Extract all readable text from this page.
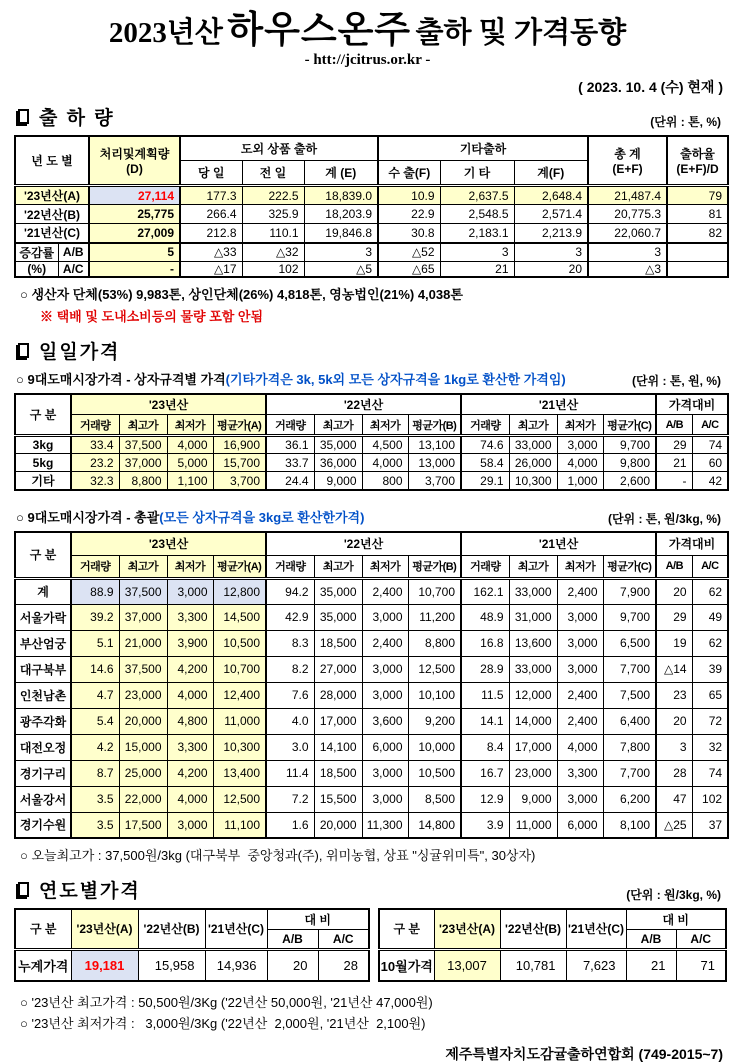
2023년산 하우스온주 출하 및 가격동향
- htt://jcitrus.or.kr -
( 2023. 10. 4 (수) 현재 )
출 하 량	(단위 : 톤, %)
년 도 별	처리및계획량
(D)
	도외 상품 출하	기타출하	총 계
(E+F)

출하율
(E+F)/D

			당 일	전 일	계 (E)	수 출(F)	기 타	계(F)		
'23년산(A)		27,114	177.3	222.5	18,839.0	10.9	2,637.5	2,648.4	21,487.4	79
'22년산(B)		25,775	266.4	325.9	18,203.9	22.9	2,548.5	2,571.4	20,775.3	81
'21년산(C)		27,009	212.8	110.1	19,846.8	30.8	2,183.1	2,213.9	22,060.7	82
증감률	A/B	5	△33	△32	3	△52	3	3	3	
(%)	A/C	-	△17	102	△5	△65	21	20	△3	
○ 생산자 단체(53%) 9,983톤, 상인단체(26%) 4,818톤, 영농법인(21%) 4,038톤
※ 택배 및 도내소비등의 물량 포함 안됨
일일가격
○ 9대도매시장가격 - 상자규격별 가격(기타가격은 3k, 5k외 모든 상자규격을 1kg로 환산한 가격임)	(단위 : 톤, 원, %)
구 분	'23년산				'22년산				'21년산				가격대비	
	거래량	최고가	최저가	평균가(A)	거래량	최고가	최저가	평균가(B)	거래량	최고가	최저가	평균가(C)	A/B	A/C
3kg	33.4	37,500	4,000	16,900	36.1	35,000	4,500	13,100	74.6	33,000	3,000	9,700	29	74
5kg	23.2	37,000	5,000	15,700	33.7	36,000	4,000	13,000	58.4	26,000	4,000	9,800	21	60
기타	32.3	8,800	1,100	3,700	24.4	9,000	800	3,700	29.1	10,300	1,000	2,600	-	42
○ 9대도매시장가격 - 총괄(모든 상자규격을 3kg로 환산한가격)	(단위 : 톤, 원/3kg, %)
구 분	'23년산				'22년산				'21년산				가격대비	
	거래량	최고가	최저가	평균가(A)	거래량	최고가	최저가	평균가(B)	거래량	최고가	최저가	평균가(C)	A/B	A/C
계	88.9	37,500	3,000	12,800	94.2	35,000	2,400	10,700	162.1	33,000	2,400	7,900	20	62
서울가락	39.2	37,000	3,300	14,500	42.9	35,000	3,000	11,200	48.9	31,000	3,000	9,700	29	49
부산엄궁	5.1	21,000	3,900	10,500	8.3	18,500	2,400	8,800	16.8	13,600	3,000	6,500	19	62
대구북부	14.6	37,500	4,200	10,700	8.2	27,000	3,000	12,500	28.9	33,000	3,000	7,700	△14	39
인천남촌	4.7	23,000	4,000	12,400	7.6	28,000	3,000	10,100	11.5	12,000	2,400	7,500	23	65
광주각화	5.4	20,000	4,800	11,000	4.0	17,000	3,600	9,200	14.1	14,000	2,400	6,400	20	72
대전오정	4.2	15,000	3,300	10,300	3.0	14,100	6,000	10,000	8.4	17,000	4,000	7,800	3	32
경기구리	8.7	25,000	4,200	13,400	11.4	18,500	3,000	10,500	16.7	23,000	3,300	7,700	28	74
서울강서	3.5	22,000	4,000	12,500	7.2	15,500	3,000	8,500	12.9	9,000	3,000	6,200	47	102
경기수원	3.5	17,500	3,000	11,100	1.6	20,000	11,300	14,800	3.9	11,000	6,000	8,100	△25	37
○ 오늘최고가 : 37,500원/3kg (대구북부  중앙청과(주), 위미농협, 상표 "싱귤위미특", 30상자)
연도별가격	(단위 : 원/3kg, %)
구 분	'23년산(A)	'22년산(B)	'21년산(C)	대 비	
				A/B	A/C
누계가격	19,181	15,958	14,936	20	28
구 분	'23년산(A)	'22년산(B)	'21년산(C)	대 비	
				A/B	A/C
10월가격	13,007	10,781	7,623	21	71
○ '23년산 최고가격 : 50,500원/3Kg ('22년산 50,000원, '21년산 47,000원)
○ '23년산 최저가격 :   3,000원/3Kg ('22년산  2,000원, '21년산  2,100원)
제주특별자치도감귤출하연합회 (749-2015~7)
